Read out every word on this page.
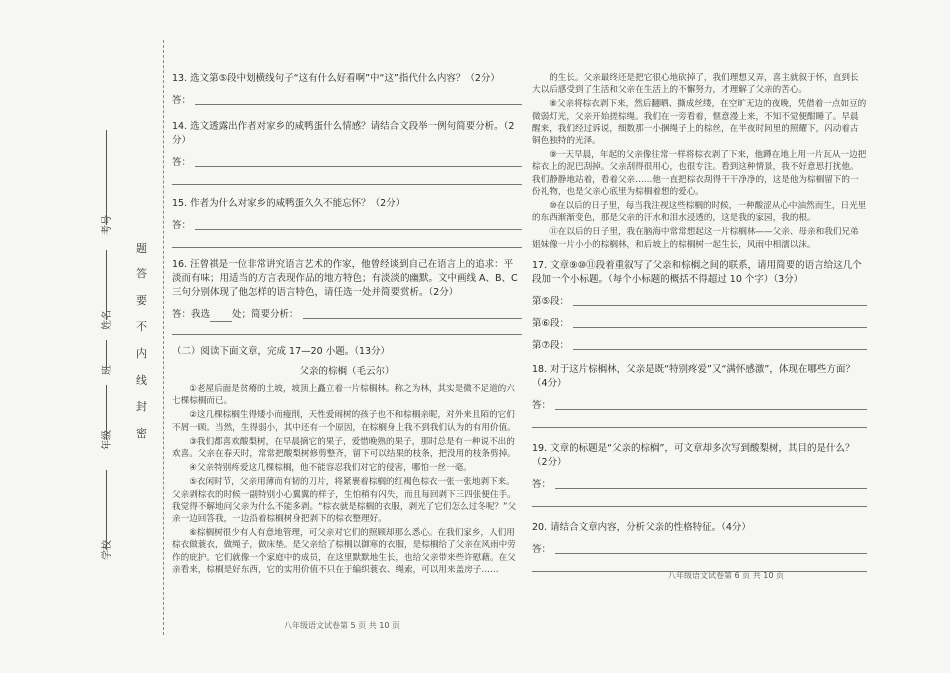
考号
姓名
班
年级
学校
题
答
要
不
内
线
封
密

13. 选文第⑤段中划横线句子“这有什么好看啊”中“这”指代什么内容？（2分）

答：

14. 选文透露出作者对家乡的咸鸭蛋什么情感？请结合文段举一例句简要分析。（2分）

答：

15. 作者为什么对家乡的咸鸭蛋久久不能忘怀？（2分）

答：

16. 汪曾祺是一位非常讲究语言艺术的作家，他曾经谈到自己在语言上的追求：平淡而有味；用适当的方言表现作品的地方特色；有淡淡的幽默。文中画线 A、B、C 三句分别体现了他怎样的语言特色，请任选一处并简要赏析。（2分）

答：我选 处；简要分析：

（二）阅读下面文章，完成 17—20 小题。（13分）

父亲的棕榈（毛云尔）

①老屋后面是贫瘠的土坡，坡顶上矗立着一片棕榈林。称之为林，其实是微不足道的六七棵棕榈而已。

②这几棵棕榈生得矮小而瘦削，天性爱闹树的孩子也不和棕榈亲昵，对外来且陌的它们不屑一顾。当然，生得弱小，其中还有一个原因，在棕榈身上我不到我们认为的有用价值。

③我们都喜欢酸梨树，在早晨摘它的果子，爱惜晚熟的果子，那时总是有一种说不出的欢喜。父亲在春天时，常常把酸梨树修剪整齐，留下可以结果的枝条，把没用的枝条剪掉。

④父亲特别疼爱这几棵棕榈，他不能容忍我们对它的侵害，哪怕一丝一毫。

⑤衣闲时节，父亲用薄而有韧的刀片，将紧裹着棕榈的红褐色棕衣一张一张地剥下来。父亲剥棕衣的时候一副特别小心翼翼的样子，生怕稍有闪失，而且每回剥下三四张便住手。我觉得不解地问父亲为什么不能多剥。“棕衣就是棕榈的衣服，剥光了它们怎么过冬呢？”父亲一边回答我，一边沿着棕榈树身把剥下的棕衣整理好。

⑥棕榈树很少有人有意地管理，可父亲对它们的照顾却那么悉心。在我们家乡，人们用棕衣做蓑衣，做绳子，做床垫。是父亲给了棕榈以御寒的衣服，是棕榈给了父亲在风雨中劳作的庇护。它们就像一个家庭中的成员，在这里默默地生长，也给父亲带来些许慰藉。在父亲看来，棕榈是好东西，它的实用价值不只在于编织蓑衣、绳索，可以用来盖房子……

八年级语文试卷第 5 页 共 10 页

的生长。父亲最终还是把它很心地砍掉了，我们理想又弄，喜主就叙于怀，直到长大以后感受到了生活和父亲在生活上的不懈努力，才理解了父亲的苦心。

⑧父亲将棕衣剥下来，然后翻晒、撕成丝缕，在空旷无边的夜晚，凭借着一点如豆的微弱灯光，父亲开始搓棕绳。我们在一旁看着，惬意漫上来，不知不觉便酣睡了。早晨醒来，我们经过诉说，细数那一小捆绳子上的棕丝，在半夜时间里的照耀下，闪动着古铜色独特的光泽。

⑨一天早晨，年起的父亲像往常一样将棕衣剥了下来，他蹲在地上用一片瓦从一边把棕衣上的泥巴刮掉。父亲刮得很用心，也很专注。看到这种情景，我不好意思打扰他。我们静静地站着，看着父亲……他一直把棕衣刮得干干净净的，这是他为棕榈留下的一份礼物，也是父亲心底里为棕榈着想的爱心。

⑩在以后的日子里，每当我注视这些棕榈的时候，一种酸涩从心中油然而生，日光里的东西渐渐变色，那是父亲的汗水和泪水浸透的，这是我的家园，我的根。

⑪在以后的日子里，我在脑海中常常想起这一片棕榈林——父亲、母亲和我们兄弟姐妹像一片小小的棕榈林，和后坡上的棕榈树一起生长，风雨中相濡以沫。

17. 文章⑨⑩⑪段着重叙写了父亲和棕榈之间的联系，请用简要的语言给这几个段加一个小标题。（每个小标题的概括不得超过 10 个字）（3分）

第⑤段：
第⑥段：
第⑦段：

18. 对于这片棕榈林，父亲是既“特别疼爱”又“满怀感激”，体现在哪些方面？（4分）

答：

19. 文章的标题是“父亲的棕榈”，可文章却多次写到酸梨树，其目的是什么？（2分）

答：

20. 请结合文章内容，分析父亲的性格特征。（4分）

答：
八年级语文试卷第 6 页 共 10 页
